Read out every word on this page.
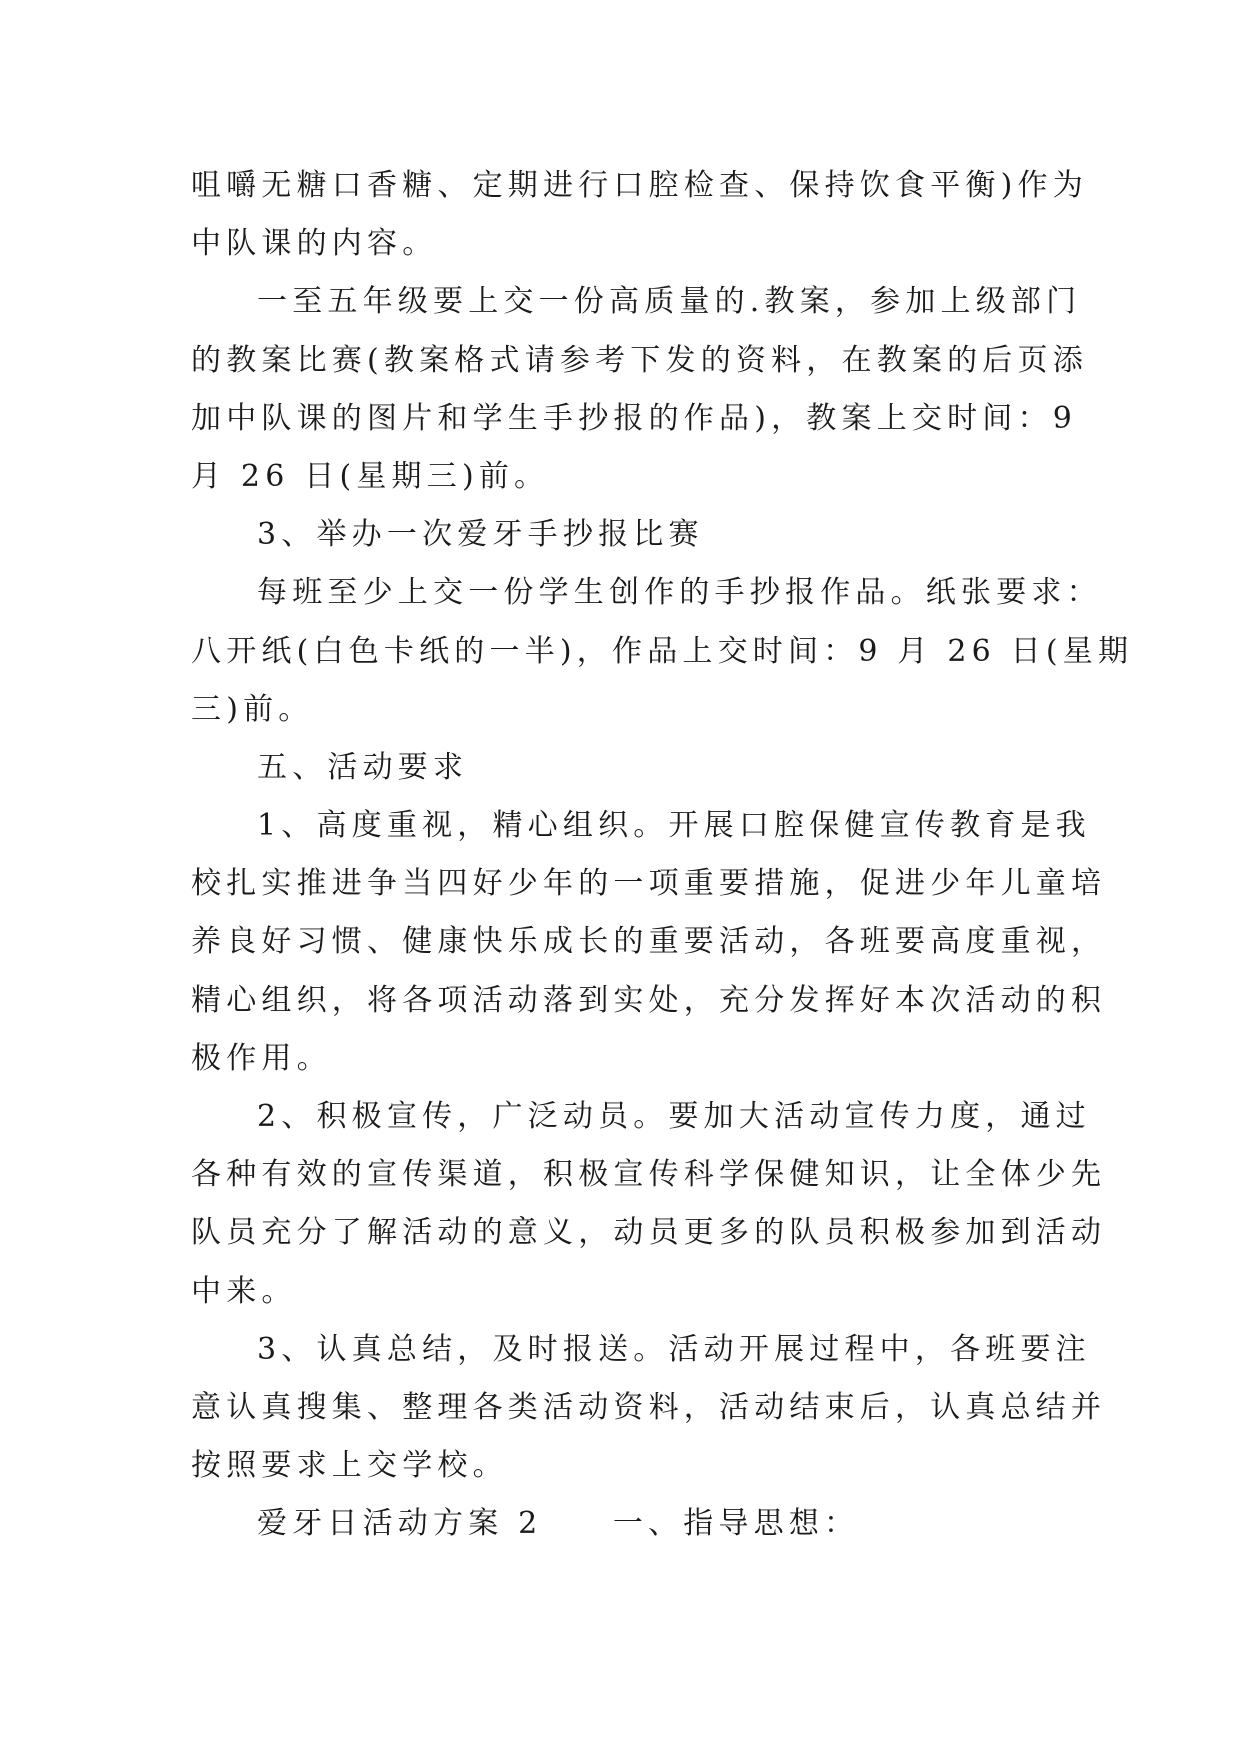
咀嚼无糖口香糖、定期进行口腔检查、保持饮食平衡)作为
中队课的内容。
一至五年级要上交一份高质量的.教案，参加上级部门
的教案比赛(教案格式请参考下发的资料，在教案的后页添
加中队课的图片和学生手抄报的作品)，教案上交时间：9
月 26 日(星期三)前。
3、举办一次爱牙手抄报比赛
每班至少上交一份学生创作的手抄报作品。纸张要求：
八开纸(白色卡纸的一半)，作品上交时间：9 月 26 日(星期
三)前。
五、活动要求
1、高度重视，精心组织。开展口腔保健宣传教育是我
校扎实推进争当四好少年的一项重要措施，促进少年儿童培
养良好习惯、健康快乐成长的重要活动，各班要高度重视，
精心组织，将各项活动落到实处，充分发挥好本次活动的积
极作用。
2、积极宣传，广泛动员。要加大活动宣传力度，通过
各种有效的宣传渠道，积极宣传科学保健知识，让全体少先
队员充分了解活动的意义，动员更多的队员积极参加到活动
中来。
3、认真总结，及时报送。活动开展过程中，各班要注
意认真搜集、整理各类活动资料，活动结束后，认真总结并
按照要求上交学校。
爱牙日活动方案 2　　一、指导思想：
